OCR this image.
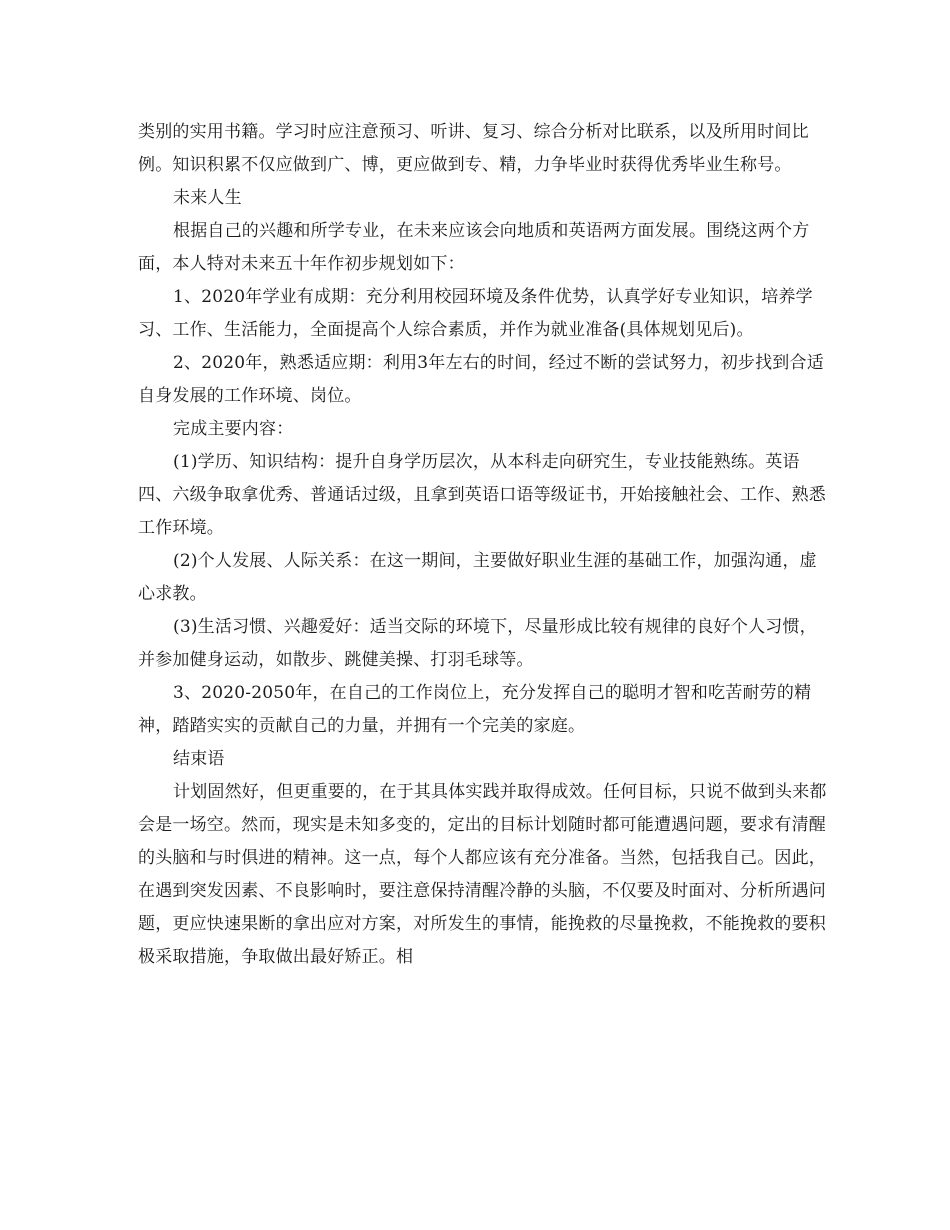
类别的实用书籍。学习时应注意预习、听讲、复习、综合分析对比联系，以及所用时间比例。知识积累不仅应做到广、博，更应做到专、精，力争毕业时获得优秀毕业生称号。

未来人生

根据自己的兴趣和所学专业，在未来应该会向地质和英语两方面发展。围绕这两个方面，本人特对未来五十年作初步规划如下：

1、2020年学业有成期：充分利用校园环境及条件优势，认真学好专业知识，培养学习、工作、生活能力，全面提高个人综合素质，并作为就业准备(具体规划见后)。

2、2020年，熟悉适应期：利用3年左右的时间，经过不断的尝试努力，初步找到合适自身发展的工作环境、岗位。

完成主要内容：

(1)学历、知识结构：提升自身学历层次，从本科走向研究生，专业技能熟练。英语四、六级争取拿优秀、普通话过级，且拿到英语口语等级证书，开始接触社会、工作、熟悉工作环境。

(2)个人发展、人际关系：在这一期间，主要做好职业生涯的基础工作，加强沟通，虚心求教。

(3)生活习惯、兴趣爱好：适当交际的环境下，尽量形成比较有规律的良好个人习惯，并参加健身运动，如散步、跳健美操、打羽毛球等。

3、2020-2050年，在自己的工作岗位上，充分发挥自己的聪明才智和吃苦耐劳的精神，踏踏实实的贡献自己的力量，并拥有一个完美的家庭。

结束语

计划固然好，但更重要的，在于其具体实践并取得成效。任何目标，只说不做到头来都会是一场空。然而，现实是未知多变的，定出的目标计划随时都可能遭遇问题，要求有清醒的头脑和与时俱进的精神。这一点，每个人都应该有充分准备。当然，包括我自己。因此，在遇到突发因素、不良影响时，要注意保持清醒冷静的头脑，不仅要及时面对、分析所遇问题，更应快速果断的拿出应对方案，对所发生的事情，能挽救的尽量挽救，不能挽救的要积极采取措施，争取做出最好矫正。相
